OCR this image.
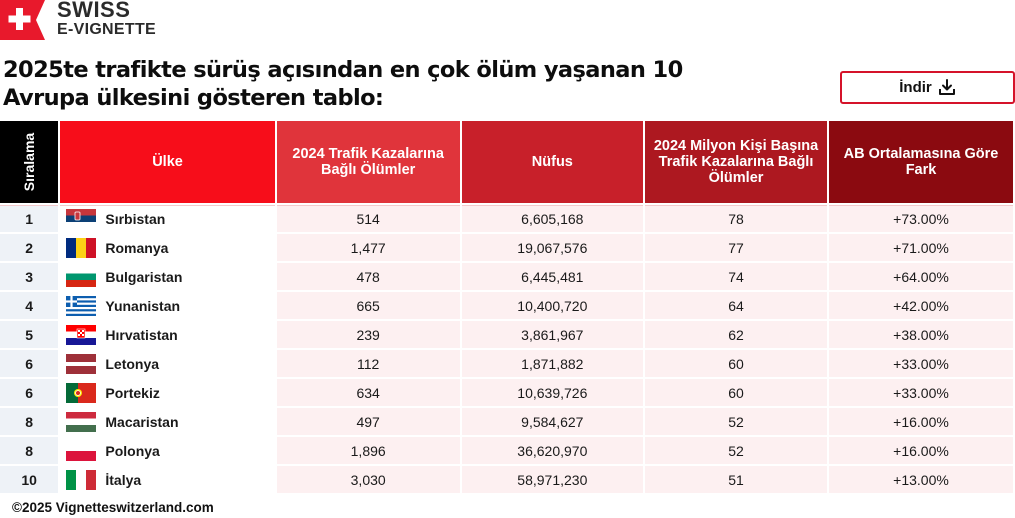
SWISS
E-VIGNETTE
2025te trafikte sürüş açısından en çok ölüm yaşanan 10 Avrupa ülkesini gösteren tablo:	İndir
Sıralama	Ülke	2024 Trafik Kazalarına Bağlı Ölümler	Nüfus	2024 Milyon Kişi Başına Trafik Kazalarına Bağlı Ölümler	AB Ortalamasına Göre Fark
1	Sırbistan	514	6,605,168	78	+73.00%
2	Romanya	1,477	19,067,576	77	+71.00%
3	Bulgaristan	478	6,445,481	74	+64.00%
4	Yunanistan	665	10,400,720	64	+42.00%
5	Hırvatistan	239	3,861,967	62	+38.00%
6	Letonya	112	1,871,882	60	+33.00%
6	Portekiz	634	10,639,726	60	+33.00%
8	Macaristan	497	9,584,627	52	+16.00%
8	Polonya	1,896	36,620,970	52	+16.00%
10	İtalya	3,030	58,971,230	51	+13.00%
©2025 Vignetteswitzerland.com
